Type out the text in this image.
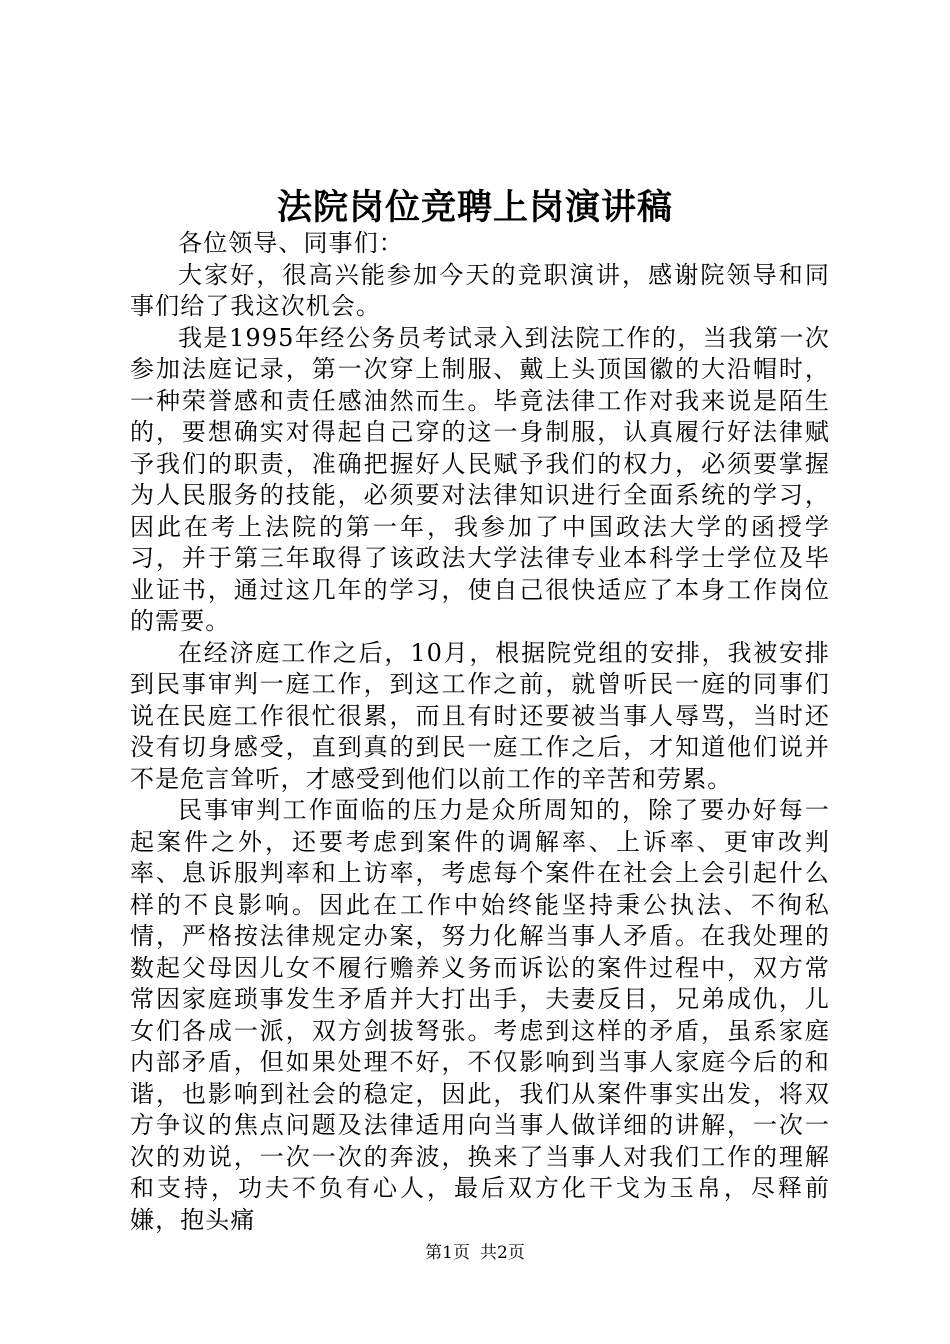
法院岗位竞聘上岗演讲稿

各位领导、同事们：

大家好，很高兴能参加今天的竞职演讲，感谢院领导和同事们给了我这次机会。

我是1995年经公务员考试录入到法院工作的，当我第一次参加法庭记录，第一次穿上制服、戴上头顶国徽的大沿帽时，一种荣誉感和责任感油然而生。毕竟法律工作对我来说是陌生的，要想确实对得起自己穿的这一身制服，认真履行好法律赋予我们的职责，准确把握好人民赋予我们的权力，必须要掌握为人民服务的技能，必须要对法律知识进行全面系统的学习，因此在考上法院的第一年，我参加了中国政法大学的函授学习，并于第三年取得了该政法大学法律专业本科学士学位及毕业证书，通过这几年的学习，使自己很快适应了本身工作岗位的需要。

在经济庭工作之后，10月，根据院党组的安排，我被安排到民事审判一庭工作，到这工作之前，就曾听民一庭的同事们说在民庭工作很忙很累，而且有时还要被当事人辱骂，当时还没有切身感受，直到真的到民一庭工作之后，才知道他们说并不是危言耸听，才感受到他们以前工作的辛苦和劳累。

民事审判工作面临的压力是众所周知的，除了要办好每一起案件之外，还要考虑到案件的调解率、上诉率、更审改判率、息诉服判率和上访率，考虑每个案件在社会上会引起什么样的不良影响。因此在工作中始终能坚持秉公执法、不徇私情，严格按法律规定办案，努力化解当事人矛盾。在我处理的数起父母因儿女不履行赡养义务而诉讼的案件过程中，双方常常因家庭琐事发生矛盾并大打出手，夫妻反目，兄弟成仇，儿女们各成一派，双方剑拔弩张。考虑到这样的矛盾，虽系家庭内部矛盾，但如果处理不好，不仅影响到当事人家庭今后的和谐，也影响到社会的稳定，因此，我们从案件事实出发，将双方争议的焦点问题及法律适用向当事人做详细的讲解，一次一次的劝说，一次一次的奔波，换来了当事人对我们工作的理解和支持，功夫不负有心人，最后双方化干戈为玉帛，尽释前嫌，抱头痛

第1页 共2页
